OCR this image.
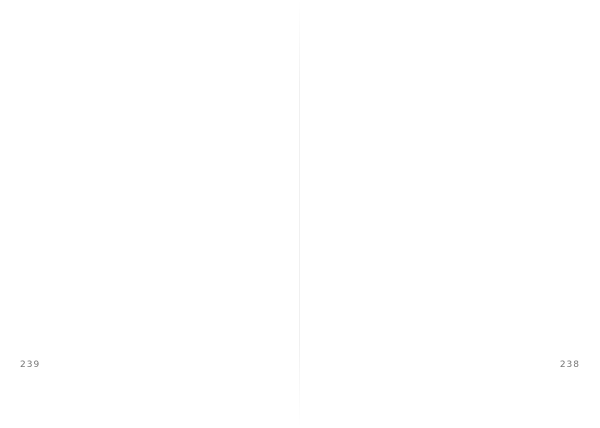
239	238
